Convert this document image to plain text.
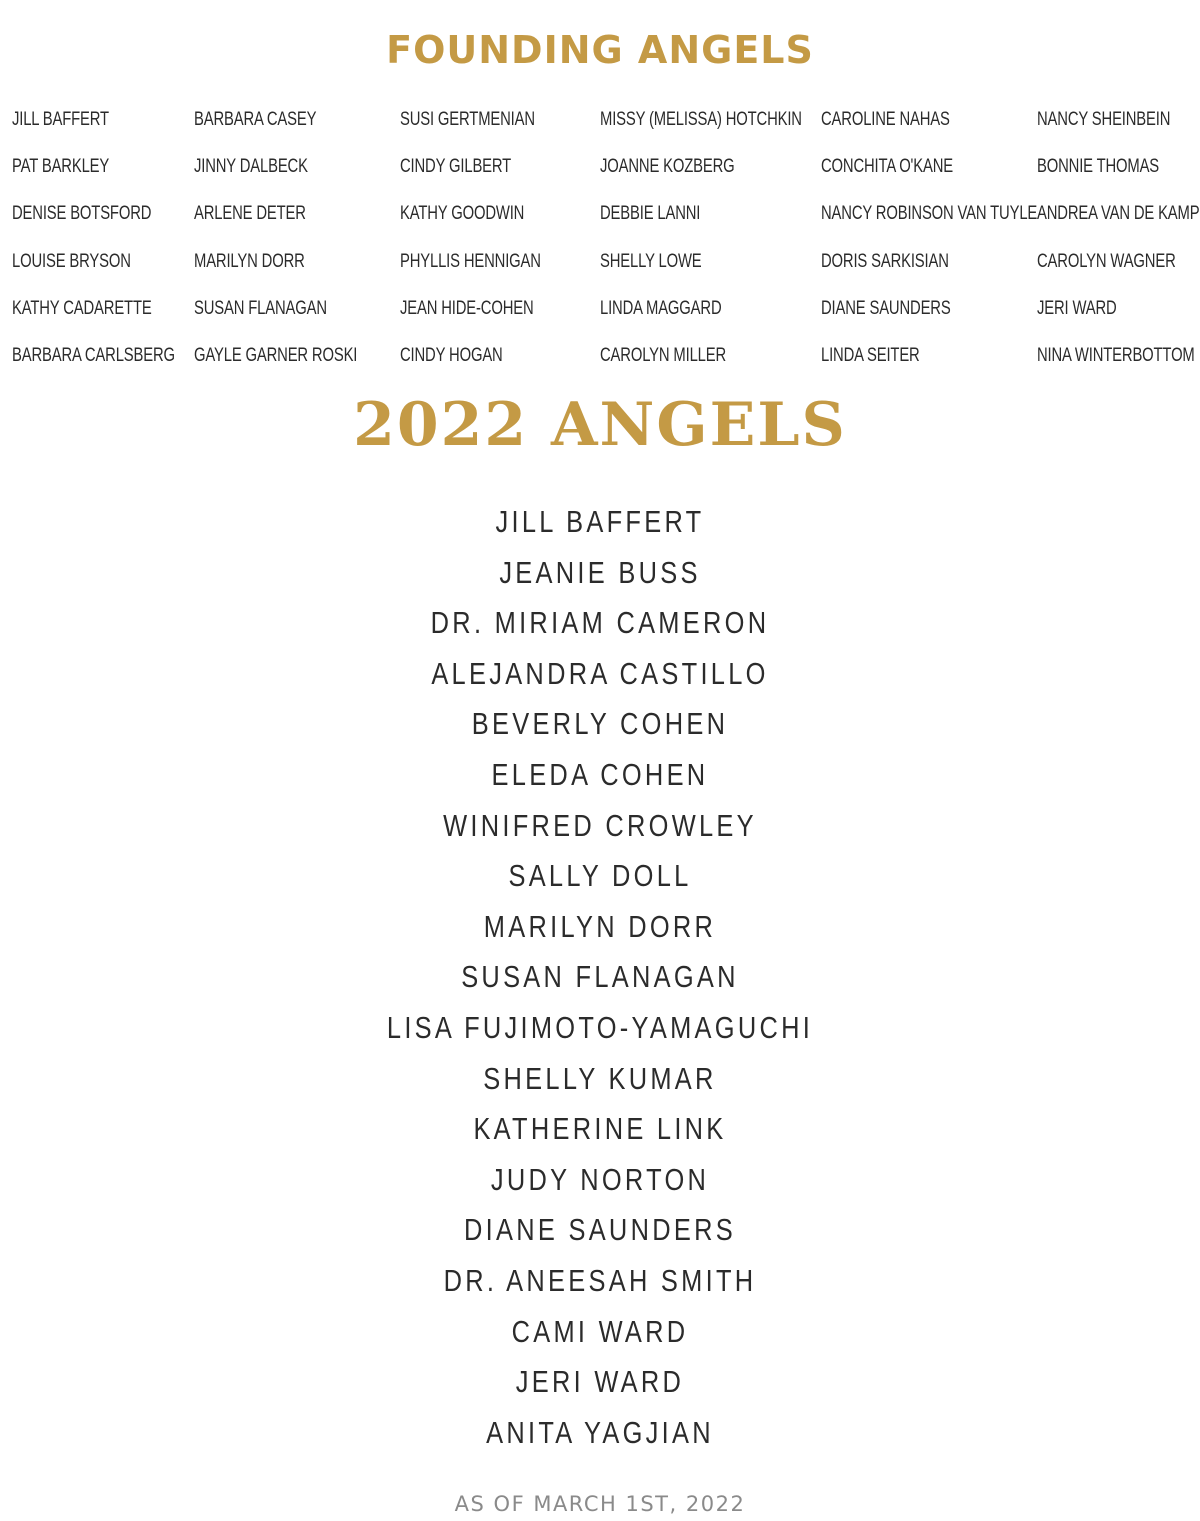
FOUNDING ANGELS
JILL BAFFERT
PAT BARKLEY
DENISE BOTSFORD
LOUISE BRYSON
KATHY CADARETTE
BARBARA CARLSBERG
BARBARA CASEY
JINNY DALBECK
ARLENE DETER
MARILYN DORR
SUSAN FLANAGAN
GAYLE GARNER ROSKI
SUSI GERTMENIAN
CINDY GILBERT
KATHY GOODWIN
PHYLLIS HENNIGAN
JEAN HIDE-COHEN
CINDY HOGAN
MISSY (MELISSA) HOTCHKIN
JOANNE KOZBERG
DEBBIE LANNI
SHELLY LOWE
LINDA MAGGARD
CAROLYN MILLER
CAROLINE NAHAS
CONCHITA O'KANE
NANCY ROBINSON VAN TUYLE
DORIS SARKISIAN
DIANE SAUNDERS
LINDA SEITER
NANCY SHEINBEIN
BONNIE THOMAS
ANDREA VAN DE KAMP
CAROLYN WAGNER
JERI WARD
NINA WINTERBOTTOM
2022 ANGELS
JILL BAFFERT
JEANIE BUSS
DR. MIRIAM CAMERON
ALEJANDRA CASTILLO
BEVERLY COHEN
ELEDA COHEN
WINIFRED CROWLEY
SALLY DOLL
MARILYN DORR
SUSAN FLANAGAN
LISA FUJIMOTO-YAMAGUCHI
SHELLY KUMAR
KATHERINE LINK
JUDY NORTON
DIANE SAUNDERS
DR. ANEESAH SMITH
CAMI WARD
JERI WARD
ANITA YAGJIAN
AS OF MARCH 1ST, 2022
